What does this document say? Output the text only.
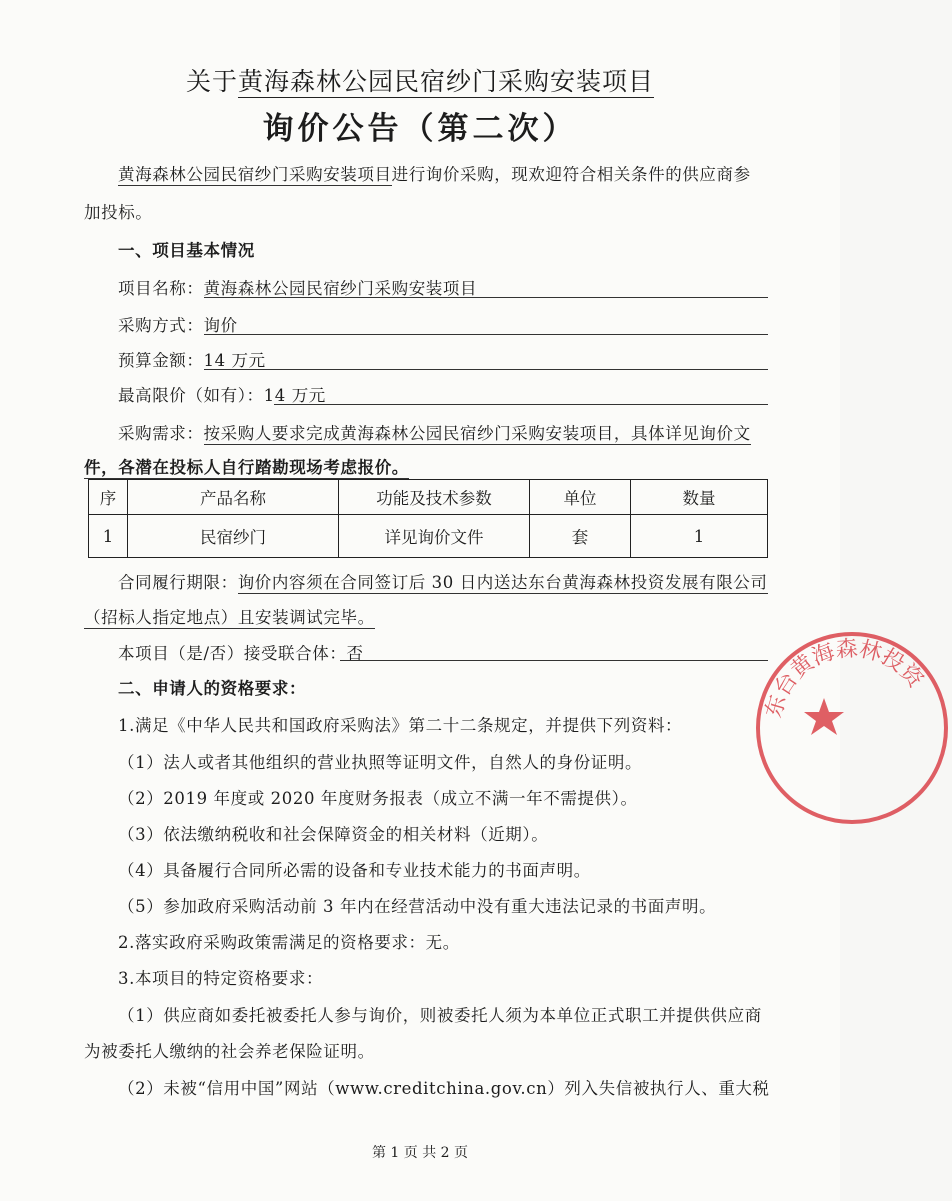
关于黄海森林公园民宿纱门采购安装项目
询价公告（第二次）
黄海森林公园民宿纱门采购安装项目进行询价采购，现欢迎符合相关条件的供应商参
加投标。
一、项目基本情况
项目名称：黄海森林公园民宿纱门采购安装项目
采购方式：询价
预算金额：14 万元
最高限价（如有）：14 万元
采购需求：按采购人要求完成黄海森林公园民宿纱门采购安装项目，具体详见询价文
件，各潜在投标人自行踏勘现场考虑报价。
序	产品名称	功能及技术参数	单位	数量
1	民宿纱门	详见询价文件	套	1
合同履行期限：询价内容须在合同签订后 30 日内送达东台黄海森林投资发展有限公司
（招标人指定地点）且安装调试完毕。
本项目（是/否）接受联合体：否
二、申请人的资格要求：
1.满足《中华人民共和国政府采购法》第二十二条规定，并提供下列资料：
（1）法人或者其他组织的营业执照等证明文件，自然人的身份证明。
（2）2019 年度或 2020 年度财务报表（成立不满一年不需提供）。
（3）依法缴纳税收和社会保障资金的相关材料（近期）。
（4）具备履行合同所必需的设备和专业技术能力的书面声明。
（5）参加政府采购活动前 3 年内在经营活动中没有重大违法记录的书面声明。
2.落实政府采购政策需满足的资格要求：无。
3.本项目的特定资格要求：
（1）供应商如委托被委托人参与询价，则被委托人须为本单位正式职工并提供供应商
为被委托人缴纳的社会养老保险证明。
（2）未被“信用中国”网站（www.creditchina.gov.cn）列入失信被执行人、重大税
第 1 页 共 2 页
东台黄海森林投资
